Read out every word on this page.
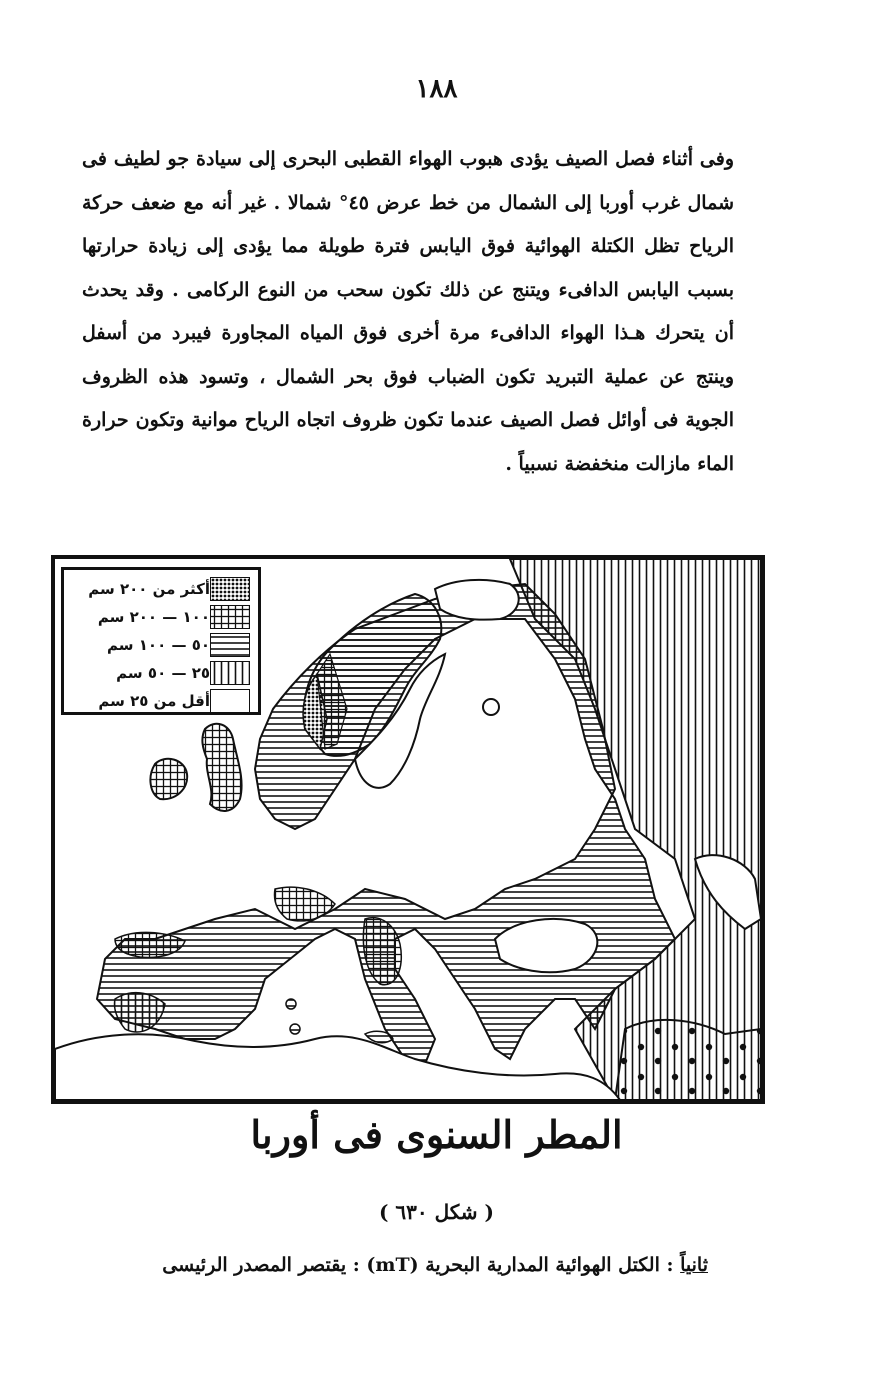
١٨٨

وفى أثناء فصل الصيف يؤدى هبوب الهواء القطبى البحرى إلى سيادة جو لطيف فى شمال غرب أوربا إلى الشمال من خط عرض ٤٥° شمالا . غير أنه مع ضعف حركة الرياح تظل الكتلة الهوائية فوق اليابس فترة طويلة مما يؤدى إلى زيادة حرارتها بسبب اليابس الدافىء ويتنج عن ذلك تكون سحب من النوع الركامى . وقد يحدث أن يتحرك هـذا الهواء الدافىء مرة أخرى فوق المياه المجاورة فيبرد من أسفل وينتج عن عملية التبريد تكون الضباب فوق بحر الشمال ، وتسود هذه الظروف الجوية فى أوائل فصل الصيف عندما تكون ظروف اتجاه الرياح موانية وتكون حرارة الماء مازالت منخفضة نسبياً .

أكثر من ٢٠٠ سم
١٠٠ — ٢٠٠ سم
٥٠ — ١٠٠ سم
٢٥ — ٥٠ سم
أقل من ٢٥ سم
المطر السنوى فى أوربا
( شكل ٦٣٠ )
ثانياً : الكتل الهوائية المدارية البحرية (mT) : يقتصر المصدر الرئيسى
